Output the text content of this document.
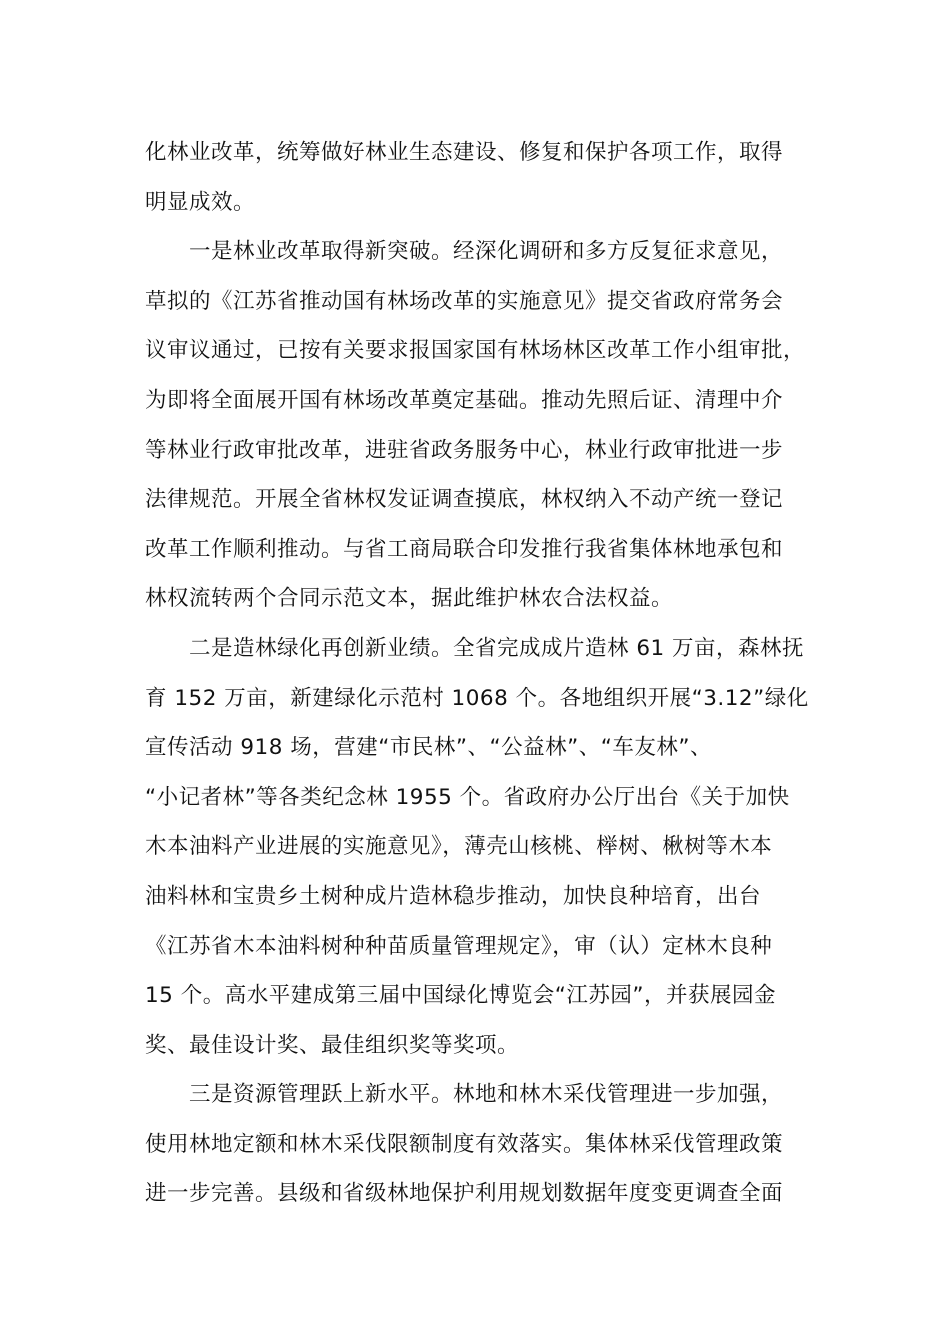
化林业改革，统筹做好林业生态建设、修复和保护各项工作，取得
明显成效。
一是林业改革取得新突破。经深化调研和多方反复征求意见，
草拟的《江苏省推动国有林场改革的实施意见》提交省政府常务会
议审议通过，已按有关要求报国家国有林场林区改革工作小组审批，
为即将全面展开国有林场改革奠定基础。推动先照后证、清理中介
等林业行政审批改革，进驻省政务服务中心，林业行政审批进一步
法律规范。开展全省林权发证调查摸底，林权纳入不动产统一登记
改革工作顺利推动。与省工商局联合印发推行我省集体林地承包和
林权流转两个合同示范文本，据此维护林农合法权益。
二是造林绿化再创新业绩。全省完成成片造林 61 万亩，森林抚
育 152 万亩，新建绿化示范村 1068 个。各地组织开展“3.12”绿化
宣传活动 918 场，营建“市民林”、“公益林”、“车友林”、
“小记者林”等各类纪念林 1955 个。省政府办公厅出台《关于加快
木本油料产业进展的实施意见》，薄壳山核桃、榉树、楸树等木本
油料林和宝贵乡土树种成片造林稳步推动，加快良种培育，出台
《江苏省木本油料树种种苗质量管理规定》，审（认）定林木良种
15 个。高水平建成第三届中国绿化博览会“江苏园”，并获展园金
奖、最佳设计奖、最佳组织奖等奖项。
三是资源管理跃上新水平。林地和林木采伐管理进一步加强，
使用林地定额和林木采伐限额制度有效落实。集体林采伐管理政策
进一步完善。县级和省级林地保护利用规划数据年度变更调查全面
